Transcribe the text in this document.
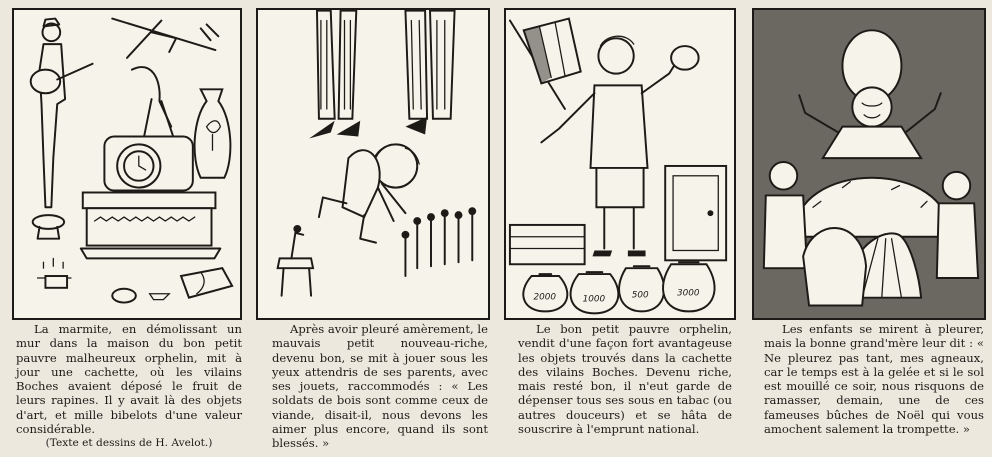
La marmite, en démolissant un mur dans la maison du bon petit pauvre malheureux orphelin, mit à jour une cachette, où les vilains Boches avaient déposé le fruit de leurs rapines. Il y avait là des objets d'art, et mille bibelots d'une valeur considérable.

(Texte et dessins de H. Avelot.)

Après avoir pleuré amèrement, le mauvais petit nouveau-riche, devenu bon, se mit à jouer sous les yeux attendris de ses parents, avec ses jouets, raccommodés : « Les soldats de bois sont comme ceux de viande, disait-il, nous devons les aimer plus encore, quand ils sont blessés. »

2000	1000	500	3000

Le bon petit pauvre orphelin, vendit d'une façon fort avantageuse les objets trouvés dans la cachette des vilains Boches. Devenu riche, mais resté bon, il n'eut garde de dépenser tous ses sous en tabac (ou autres douceurs) et se hâta de souscrire à l'emprunt national.

Les enfants se mirent à pleurer, mais la bonne grand'mère leur dit : « Ne pleurez pas tant, mes agneaux, car le temps est à la gelée et si le sol est mouillé ce soir, nous risquons de ramasser, demain, une de ces fameuses bûches de Noël qui vous amochent salement la trompette. »
